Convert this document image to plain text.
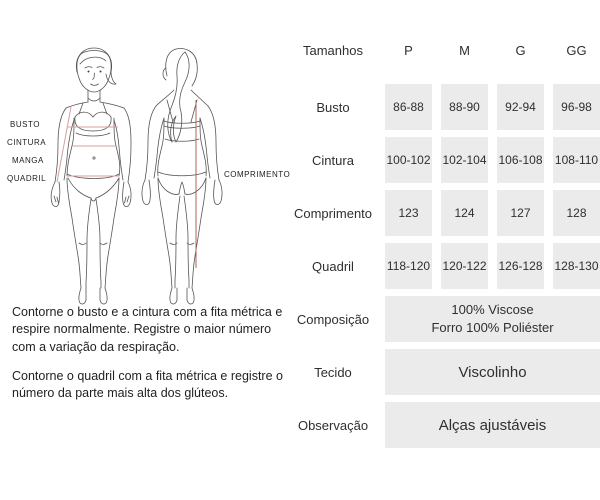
BUSTO
CINTURA
MANGA
QUADRIL	COMPRIMENTO

Contorne o busto e a cintura com a fita métrica e respire normalmente. Registre o maior número com a variação da respiração.

Contorne o quadril com a fita métrica e registre o número da parte mais alta dos glúteos.

Tamanhos	P	M	G	GG
Busto	86-88	88-90	92-94	96-98
Cintura	100-102 102-104 106-108 108-110
Comprimento	123	124	127	128
Quadril	118-120 120-122 126-128 128-130
Composição
100% Viscose
Forro 100% Poliéster
Tecido	Viscolinho
Observação	Alças ajustáveis
